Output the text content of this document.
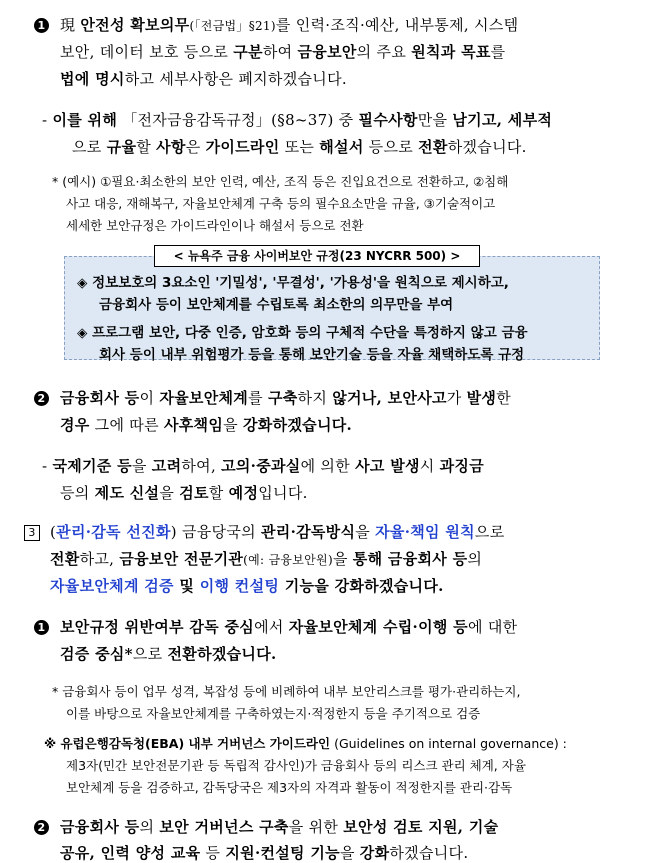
1 現 안전성 확보의무(「전금법」§21)를 인력·조직·예산, 내부통제, 시스템
보안, 데이터 보호 등으로 구분하여 금융보안의 주요 원칙과 목표를
법에 명시하고 세부사항은 폐지하겠습니다.
- 이를 위해 「전자금융감독규정」(§8~37) 중 필수사항만을 남기고, 세부적
으로 규율할 사항은 가이드라인 또는 해설서 등으로 전환하겠습니다.
* (예시) ①필요·최소한의 보안 인력, 예산, 조직 등은 진입요건으로 전환하고, ②침해
사고 대응, 재해복구, 자율보안체계 구축 등의 필수요소만을 규율, ③기술적이고
세세한 보안규정은 가이드라인이나 해설서 등으로 전환
◈ 정보보호의 3요소인 '기밀성', '무결성', '가용성'을 원칙으로 제시하고,
금융회사 등이 보안체계를 수립토록 최소한의 의무만을 부여
◈ 프로그램 보안, 다중 인증, 암호화 등의 구체적 수단을 특정하지 않고 금융
회사 등이 내부 위험평가 등을 통해 보안기술 등을 자율 채택하도록 규정
< 뉴욕주 금융 사이버보안 규정(23 NYCRR 500) >
2 금융회사 등이 자율보안체계를 구축하지 않거나, 보안사고가 발생한
경우 그에 따른 사후책임을 강화하겠습니다.
- 국제기준 등을 고려하여, 고의·중과실에 의한 사고 발생시 과징금
등의 제도 신설을 검토할 예정입니다.
3 (관리·감독 선진화) 금융당국의 관리·감독방식을 자율·책임 원칙으로
전환하고, 금융보안 전문기관(예: 금융보안원)을 통해 금융회사 등의
자율보안체계 검증 및 이행 컨설팅 기능을 강화하겠습니다.
1 보안규정 위반여부 감독 중심에서 자율보안체계 수립·이행 등에 대한
검증 중심*으로 전환하겠습니다.
* 금융회사 등이 업무 성격, 복잡성 등에 비례하여 내부 보안리스크를 평가·관리하는지,
이를 바탕으로 자율보안체계를 구축하였는지·적정한지 등을 주기적으로 검증
※ 유럽은행감독청(EBA) 내부 거버넌스 가이드라인 (Guidelines on internal governance) :
제3자(민간 보안전문기관 등 독립적 감사인)가 금융회사 등의 리스크 관리 체계, 자율
보안체계 등을 검증하고, 감독당국은 제3자의 자격과 활동이 적정한지를 관리·감독
2 금융회사 등의 보안 거버넌스 구축을 위한 보안성 검토 지원, 기술
공유, 인력 양성 교육 등 지원·컨설팅 기능을 강화하겠습니다.
